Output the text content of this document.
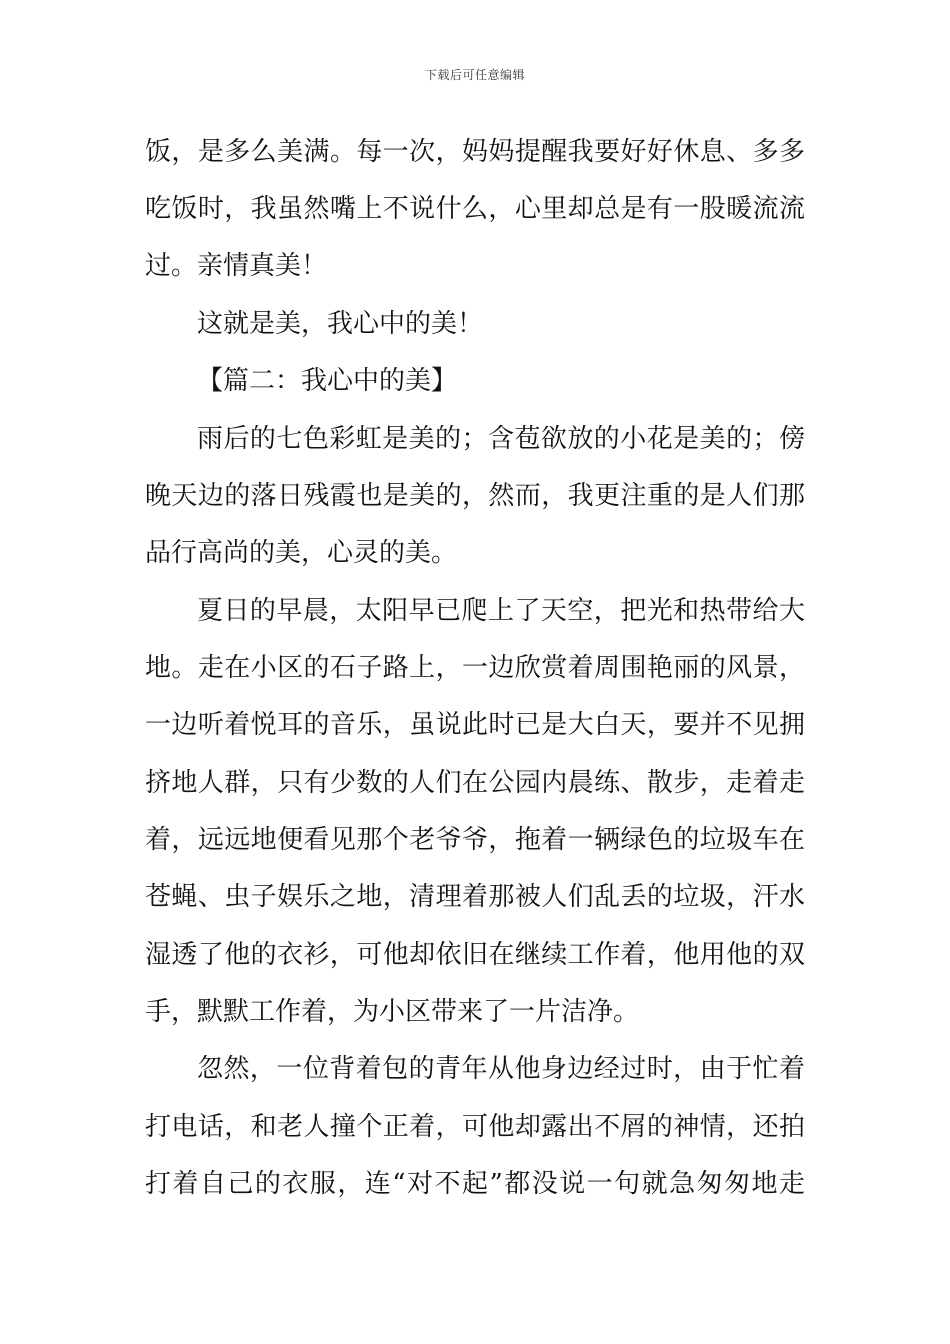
下载后可任意编辑
饭，是多么美满。每一次，妈妈提醒我要好好休息、多多
吃饭时，我虽然嘴上不说什么，心里却总是有一股暖流流
过。亲情真美！
这就是美，我心中的美！
【篇二：我心中的美】
雨后的七色彩虹是美的；含苞欲放的小花是美的；傍
晚天边的落日残霞也是美的，然而，我更注重的是人们那
品行高尚的美，心灵的美。
夏日的早晨，太阳早已爬上了天空，把光和热带给大
地。走在小区的石子路上，一边欣赏着周围艳丽的风景，
一边听着悦耳的音乐，虽说此时已是大白天，要并不见拥
挤地人群，只有少数的人们在公园内晨练、散步，走着走
着，远远地便看见那个老爷爷，拖着一辆绿色的垃圾车在
苍蝇、虫子娱乐之地，清理着那被人们乱丢的垃圾，汗水
湿透了他的衣衫，可他却依旧在继续工作着，他用他的双
手，默默工作着，为小区带来了一片洁净。
忽然，一位背着包的青年从他身边经过时，由于忙着
打电话，和老人撞个正着，可他却露出不屑的神情，还拍
打着自己的衣服，连“对不起”都没说一句就急匆匆地走
